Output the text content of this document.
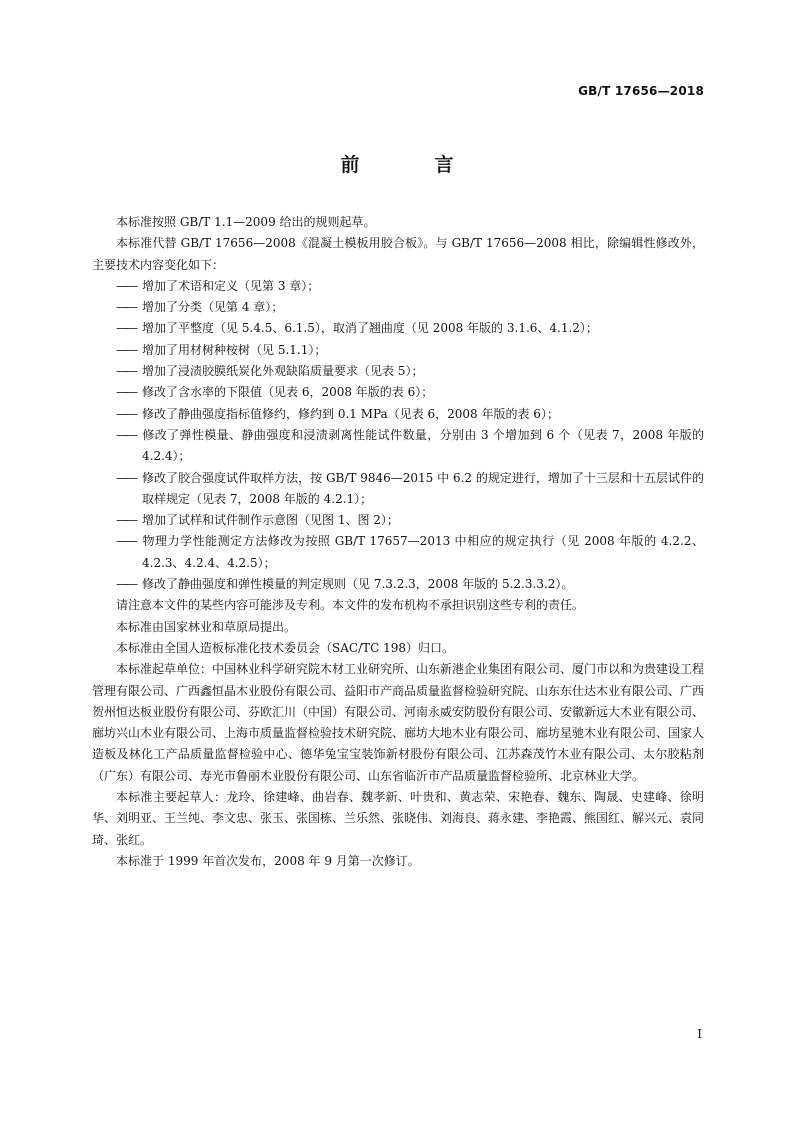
GB/T 17656—2018
前　言

本标准按照 GB/T 1.1—2009 给出的规则起草。

本标准代替 GB/T 17656—2008《混凝土模板用胶合板》。与 GB/T 17656—2008 相比，除编辑性修改外，主要技术内容变化如下：

—— 增加了术语和定义（见第 3 章）；

—— 增加了分类（见第 4 章）；

—— 增加了平整度（见 5.4.5、6.1.5），取消了翘曲度（见 2008 年版的 3.1.6、4.1.2）；

—— 增加了用材树种桉树（见 5.1.1）；

—— 增加了浸渍胶膜纸炭化外观缺陷质量要求（见表 5）；

—— 修改了含水率的下限值（见表 6，2008 年版的表 6）；

—— 修改了静曲强度指标值修约，修约到 0.1 MPa（见表 6，2008 年版的表 6）；

—— 修改了弹性模量、静曲强度和浸渍剥离性能试件数量，分别由 3 个增加到 6 个（见表 7，2008 年版的 4.2.4）；

—— 修改了胶合强度试件取样方法，按 GB/T 9846—2015 中 6.2 的规定进行，增加了十三层和十五层试件的取样规定（见表 7，2008 年版的 4.2.1）；

—— 增加了试样和试件制作示意图（见图 1、图 2）；

—— 物理力学性能测定方法修改为按照 GB/T 17657—2013 中相应的规定执行（见 2008 年版的 4.2.2、4.2.3、4.2.4、4.2.5）；

—— 修改了静曲强度和弹性模量的判定规则（见 7.3.2.3，2008 年版的 5.2.3.3.2）。

请注意本文件的某些内容可能涉及专利。本文件的发布机构不承担识别这些专利的责任。

本标准由国家林业和草原局提出。

本标准由全国人造板标准化技术委员会（SAC/TC 198）归口。

本标准起草单位：中国林业科学研究院木材工业研究所、山东新港企业集团有限公司、厦门市以和为贵建设工程管理有限公司、广西鑫恒晶木业股份有限公司、益阳市产商品质量监督检验研究院、山东东仕达木业有限公司、广西贺州恒达板业股份有限公司、芬欧汇川（中国）有限公司、河南永威安防股份有限公司、安徽新远大木业有限公司、廊坊兴山木业有限公司、上海市质量监督检验技术研究院、廊坊大地木业有限公司、廊坊星驰木业有限公司、国家人造板及林化工产品质量监督检验中心、德华兔宝宝装饰新材股份有限公司、江苏森茂竹木业有限公司、太尔胶粘剂（广东）有限公司、寿光市鲁丽木业股份有限公司、山东省临沂市产品质量监督检验所、北京林业大学。

本标准主要起草人：龙玲、徐建峰、曲岩春、魏孝新、叶贵和、黄志荣、宋艳春、魏东、陶晟、史建峰、徐明华、刘明亚、王兰纯、李文忠、张玉、张国栋、兰乐然、张晓伟、刘海良、蒋永建、李艳霞、熊国红、解兴元、袁同琦、张红。

本标准于 1999 年首次发布，2008 年 9 月第一次修订。

I
